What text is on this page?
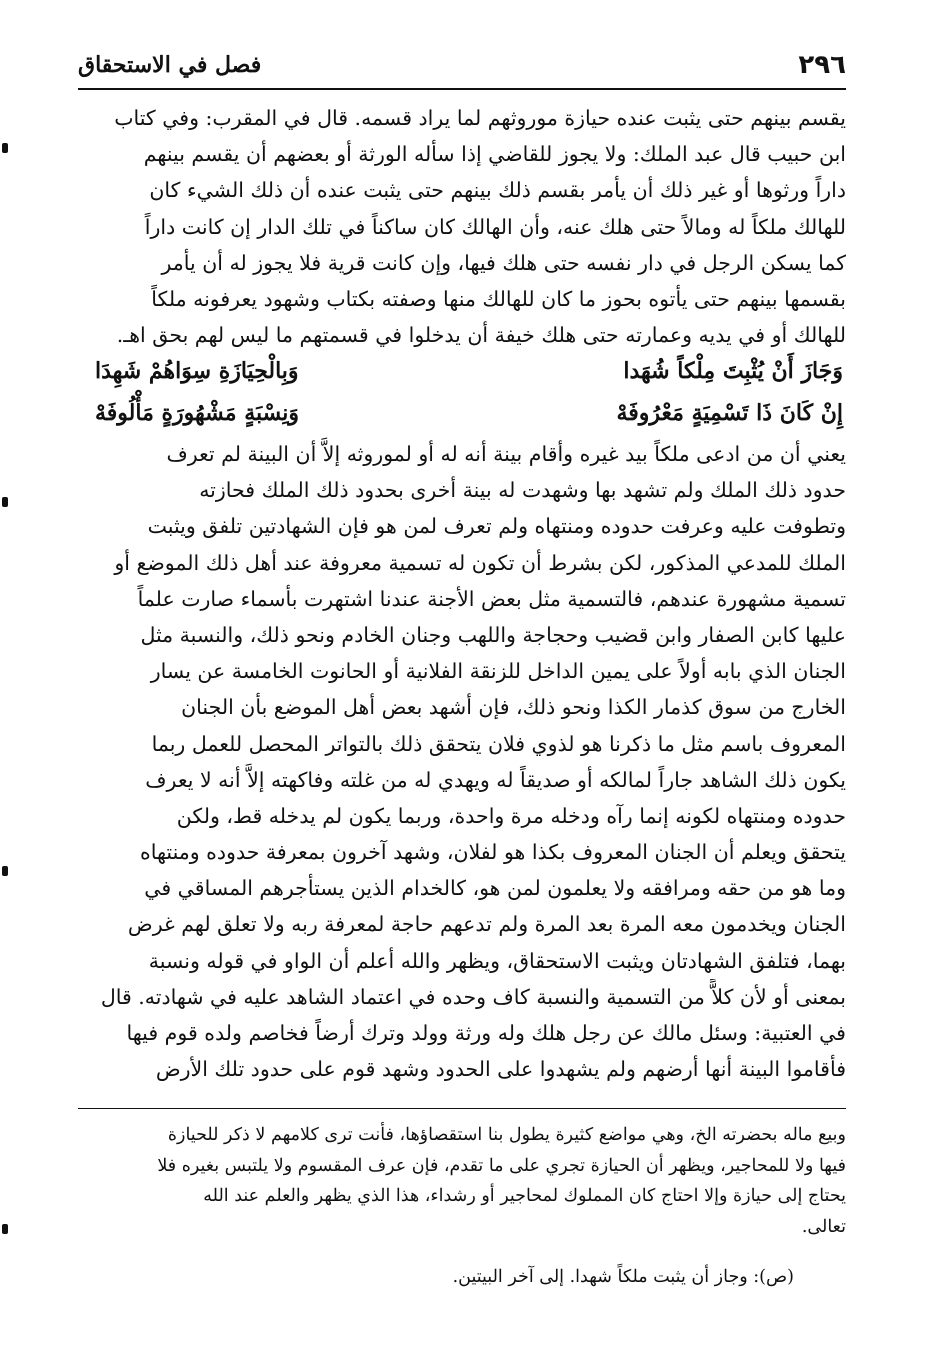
٢٩٦
فصل في الاستحقاق
يقسم بينهم حتى يثبت عنده حيازة موروثهم لما يراد قسمه. قال في المقرب: وفي كتاب
ابن حبيب قال عبد الملك: ولا يجوز للقاضي إذا سأله الورثة أو بعضهم أن يقسم بينهم
داراً ورثوها أو غير ذلك أن يأمر بقسم ذلك بينهم حتى يثبت عنده أن ذلك الشيء كان
للهالك ملكاً له ومالاً حتى هلك عنه، وأن الهالك كان ساكناً في تلك الدار إن كانت داراً
كما يسكن الرجل في دار نفسه حتى هلك فيها، وإن كانت قرية فلا يجوز له أن يأمر
بقسمها بينهم حتى يأتوه بحوز ما كان للهالك منها وصفته بكتاب وشهود يعرفونه ملكاً
للهالك أو في يديه وعمارته حتى هلك خيفة أن يدخلوا في قسمتهم ما ليس لهم بحق اهـ.
وَجَازَ أَنْ يُثْبِتَ مِلْكاً شُهَدا
وَبِالْحِيَازَةِ سِوَاهُمْ شَهِدَا
إِنْ كَانَ ذَا تَسْمِيَةٍ مَعْرُوفَهْ
وَنِسْبَةٍ مَشْهُورَةٍ مَأْلُوفَهْ
يعني أن من ادعى ملكاً بيد غيره وأقام بينة أنه له أو لموروثه إلاَّ أن البينة لم تعرف
حدود ذلك الملك ولم تشهد بها وشهدت له بينة أخرى بحدود ذلك الملك فحازته
وتطوفت عليه وعرفت حدوده ومنتهاه ولم تعرف لمن هو فإن الشهادتين تلفق ويثبت
الملك للمدعي المذكور، لكن بشرط أن تكون له تسمية معروفة عند أهل ذلك الموضع أو
تسمية مشهورة عندهم، فالتسمية مثل بعض الأجنة عندنا اشتهرت بأسماء صارت علماً
عليها كابن الصفار وابن قضيب وحجاجة واللهب وجنان الخادم ونحو ذلك، والنسبة مثل
الجنان الذي بابه أولاً على يمين الداخل للزنقة الفلانية أو الحانوت الخامسة عن يسار
الخارج من سوق كذمار الكذا ونحو ذلك، فإن أشهد بعض أهل الموضع بأن الجنان
المعروف باسم مثل ما ذكرنا هو لذوي فلان يتحقق ذلك بالتواتر المحصل للعمل ربما
يكون ذلك الشاهد جاراً لمالكه أو صديقاً له ويهدي له من غلته وفاكهته إلاَّ أنه لا يعرف
حدوده ومنتهاه لكونه إنما رآه ودخله مرة واحدة، وربما يكون لم يدخله قط، ولكن
يتحقق ويعلم أن الجنان المعروف بكذا هو لفلان، وشهد آخرون بمعرفة حدوده ومنتهاه
وما هو من حقه ومرافقه ولا يعلمون لمن هو، كالخدام الذين يستأجرهم المساقي في
الجنان ويخدمون معه المرة بعد المرة ولم تدعهم حاجة لمعرفة ربه ولا تعلق لهم غرض
بهما، فتلفق الشهادتان ويثبت الاستحقاق، ويظهر والله أعلم أن الواو في قوله ونسبة
بمعنى أو لأن كلاًّ من التسمية والنسبة كاف وحده في اعتماد الشاهد عليه في شهادته. قال
في العتبية: وسئل مالك عن رجل هلك وله ورثة وولد وترك أرضاً فخاصم ولده قوم فيها
فأقاموا البينة أنها أرضهم ولم يشهدوا على الحدود وشهد قوم على حدود تلك الأرض
وبيع ماله بحضرته الخ، وهي مواضع كثيرة يطول بنا استقصاؤها، فأنت ترى كلامهم لا ذكر للحيازة
فيها ولا للمحاجير، ويظهر أن الحيازة تجري على ما تقدم، فإن عرف المقسوم ولا يلتبس بغيره فلا
يحتاج إلى حيازة وإلا احتاج كان المملوك لمحاجير أو رشداء، هذا الذي يظهر والعلم عند الله
تعالى.
(ص): وجاز أن يثبت ملكاً شهدا. إلى آخر البيتين.
